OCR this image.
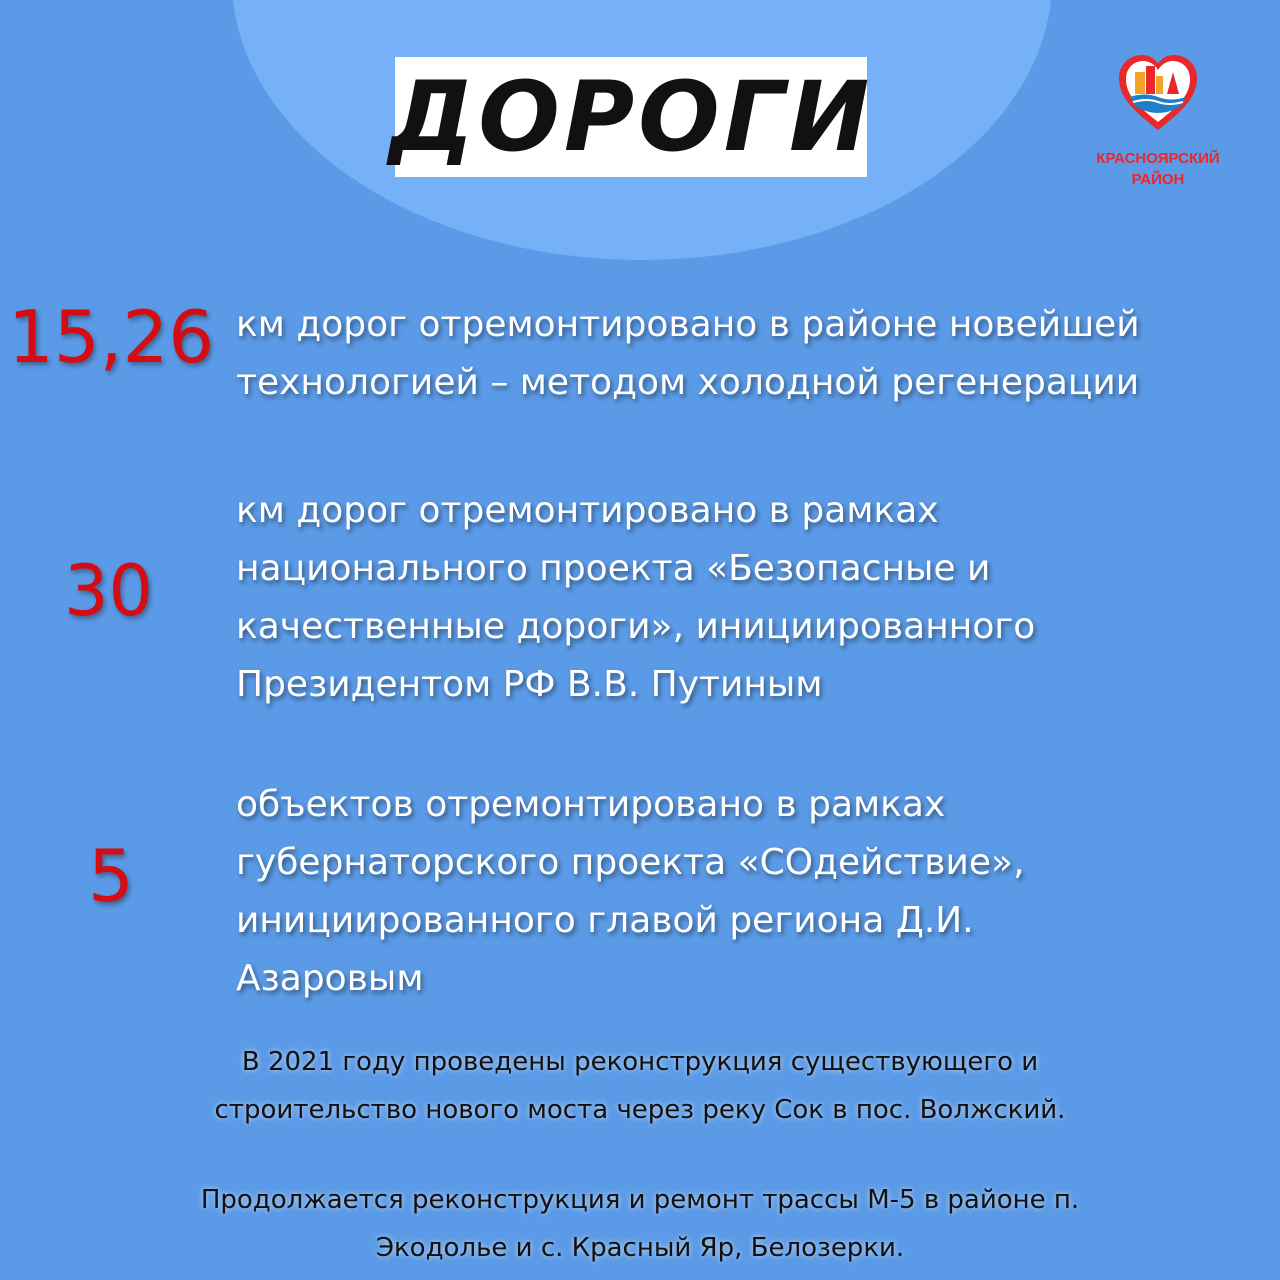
ДОРОГИ	КРАСНОЯРСКИЙ
РАЙОН
15,26 км дорог отремонтировано в районе новейшей
технологией – методом холодной регенерации
30
км дорог отремонтировано в рамках
национального проекта «Безопасные и
качественные дороги», инициированного
Президентом РФ В.В. Путиным
5
объектов отремонтировано в рамках
губернаторского проекта «СОдействие»,
инициированного главой региона Д.И.
Азаровым
В 2021 году проведены реконструкция существующего и
строительство нового моста через реку Сок в пос. Волжский.
Продолжается реконструкция и ремонт трассы М-5 в районе п.
Экодолье и с. Красный Яр, Белозерки.
